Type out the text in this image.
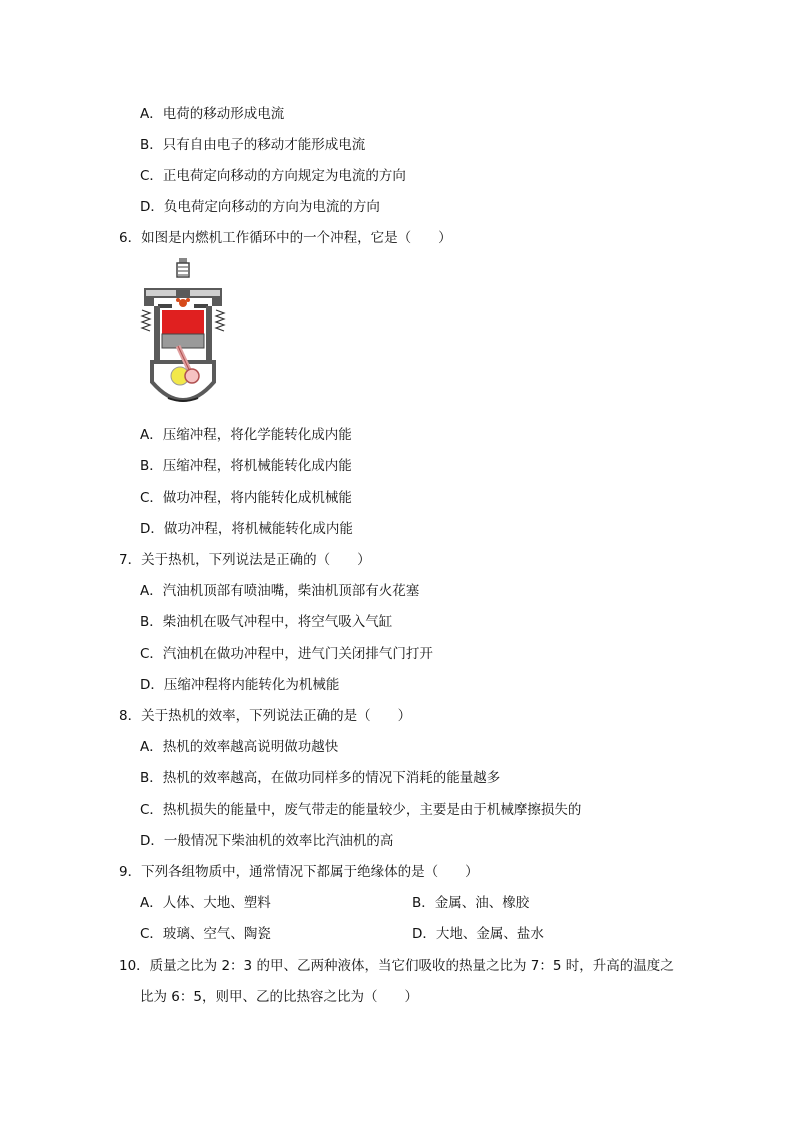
A．电荷的移动形成电流
B．只有自由电子的移动才能形成电流
C．正电荷定向移动的方向规定为电流的方向
D．负电荷定向移动的方向为电流的方向
6．如图是内燃机工作循环中的一个冲程，它是（　　）
A．压缩冲程，将化学能转化成内能
B．压缩冲程，将机械能转化成内能
C．做功冲程，将内能转化成机械能
D．做功冲程，将机械能转化成内能
7．关于热机，下列说法是正确的（　　）
A．汽油机顶部有喷油嘴，柴油机顶部有火花塞
B．柴油机在吸气冲程中，将空气吸入气缸
C．汽油机在做功冲程中，进气门关闭排气门打开
D．压缩冲程将内能转化为机械能
8．关于热机的效率，下列说法正确的是（　　）
A．热机的效率越高说明做功越快
B．热机的效率越高，在做功同样多的情况下消耗的能量越多
C．热机损失的能量中，废气带走的能量较少，主要是由于机械摩擦损失的
D．一般情况下柴油机的效率比汽油机的高
9．下列各组物质中，通常情况下都属于绝缘体的是（　　）
A．人体、大地、塑料	B．金属、油、橡胶
C．玻璃、空气、陶瓷	D．大地、金属、盐水
10．质量之比为 2：3 的甲、乙两种液体，当它们吸收的热量之比为 7：5 时，升高的温度之
比为 6：5，则甲、乙的比热容之比为（　　）
